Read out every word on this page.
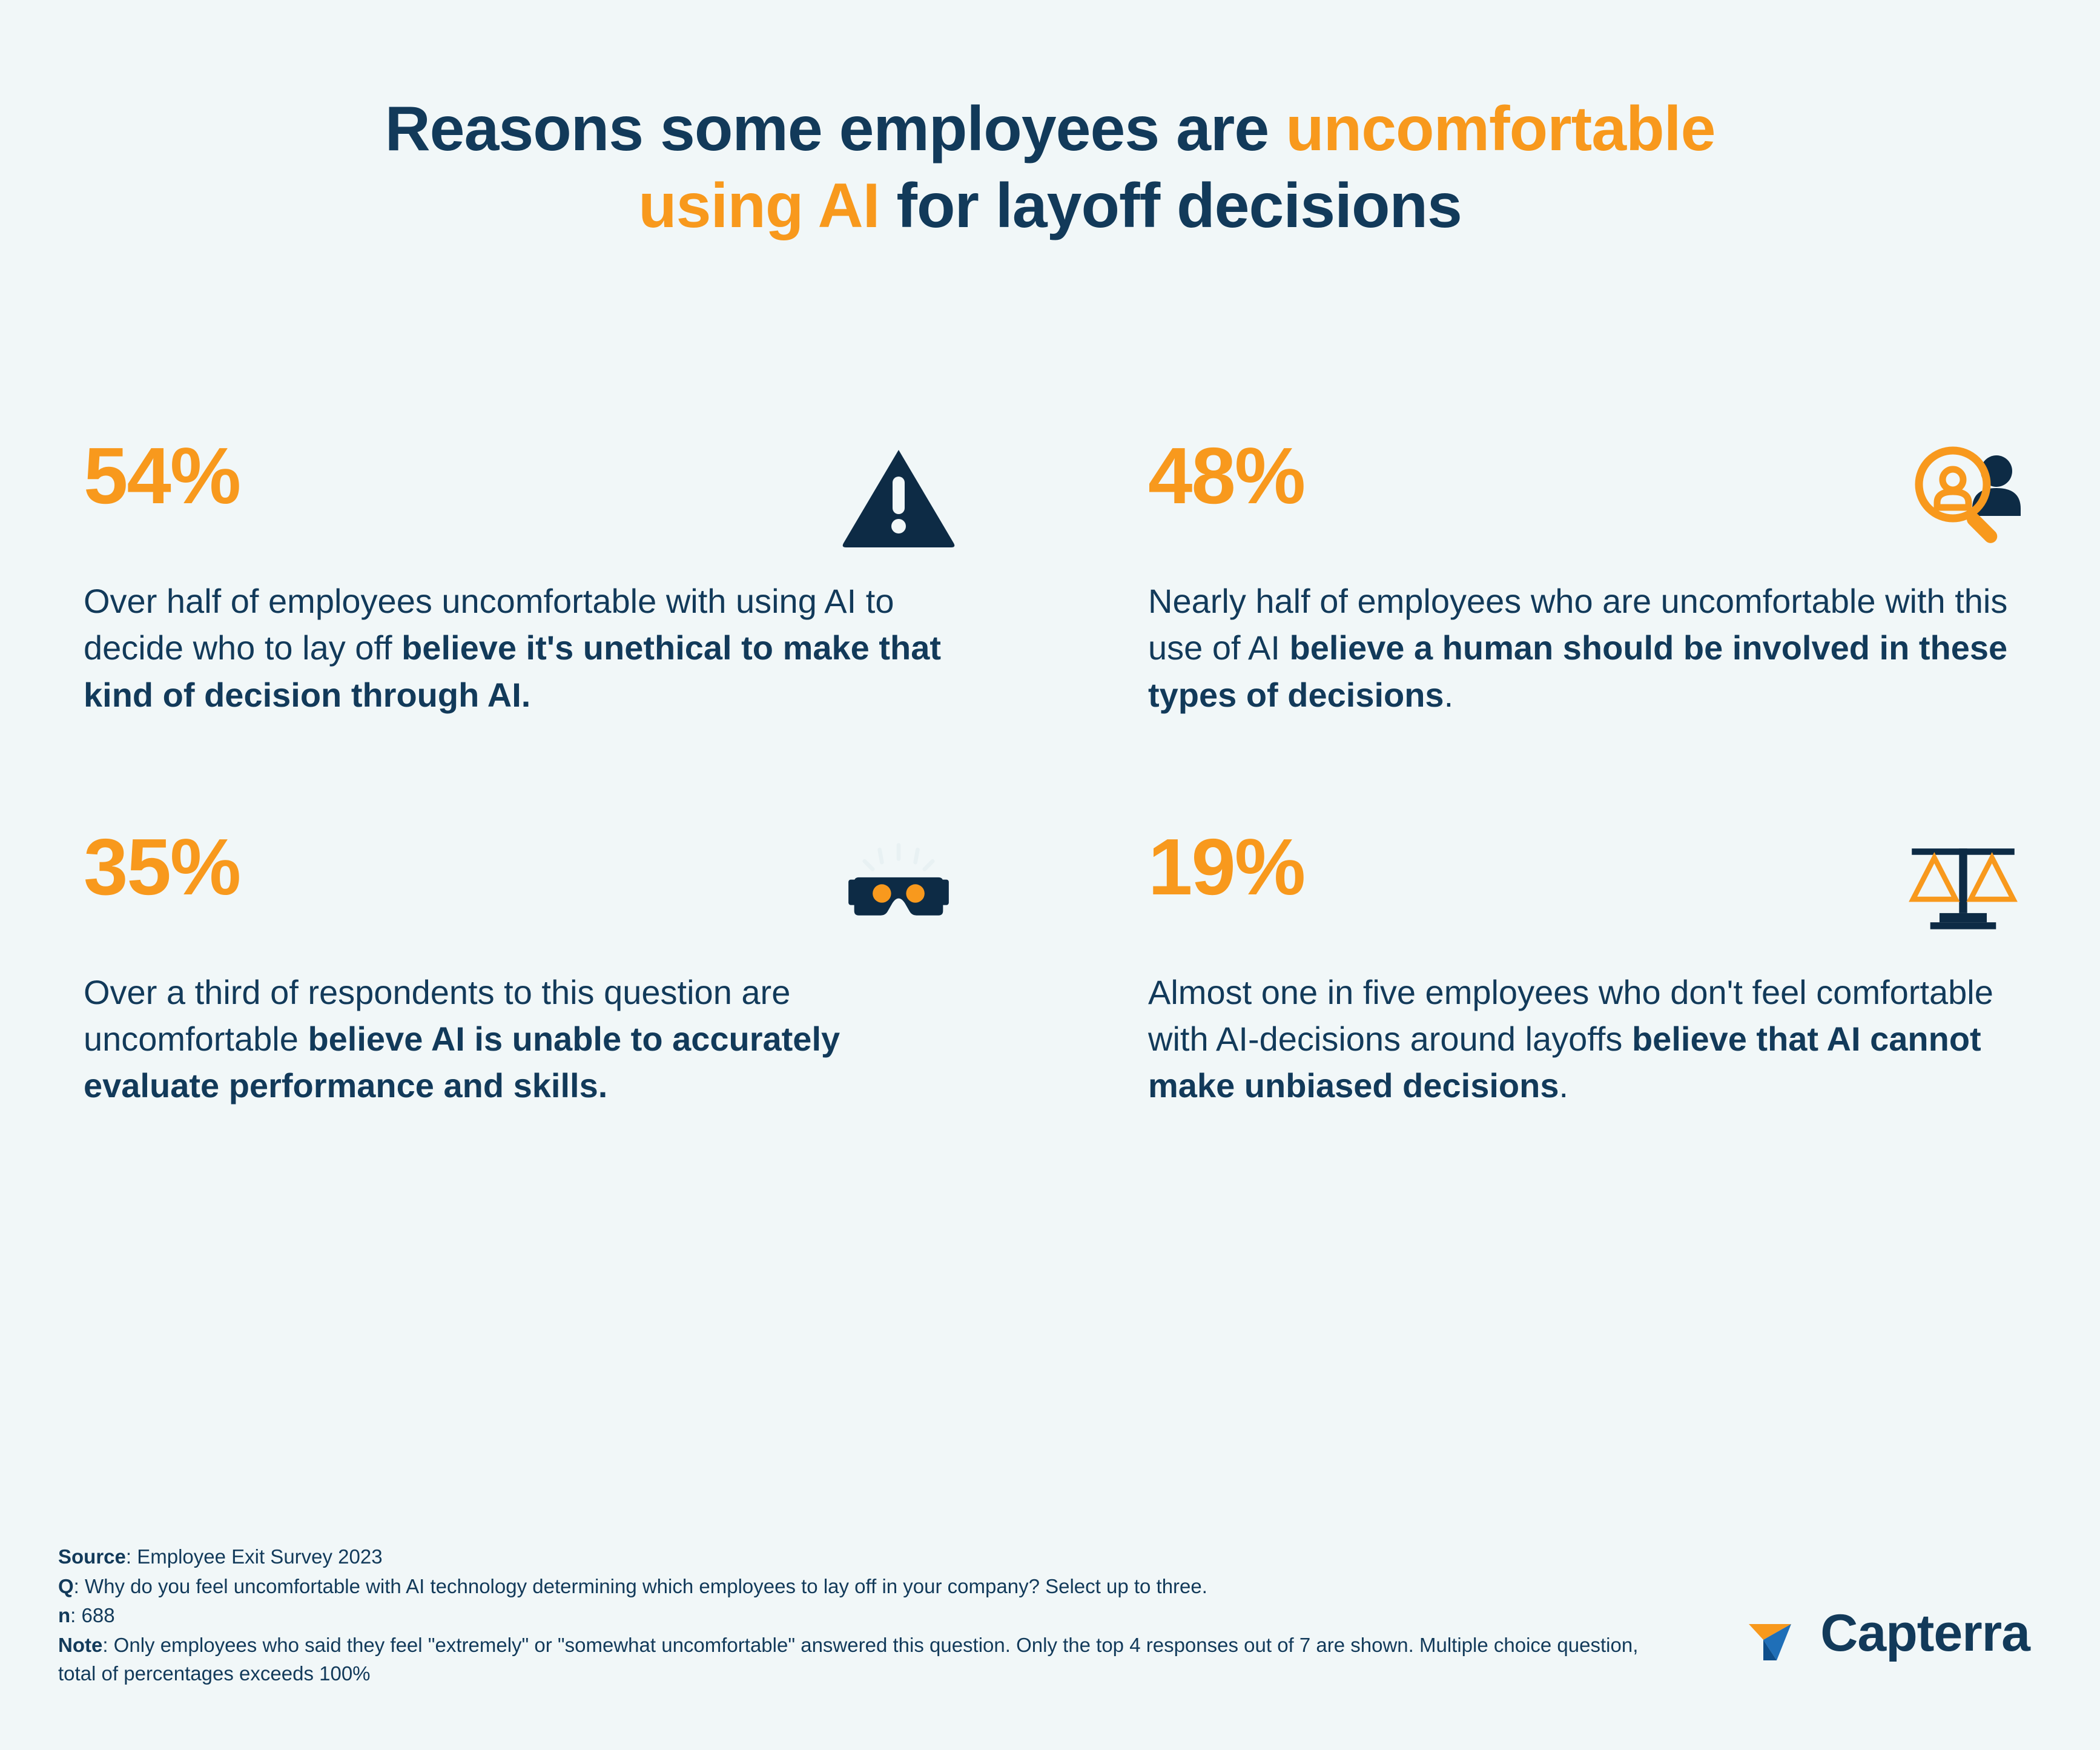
Reasons some employees are uncomfortable
using AI for layoff decisions
54%
Over half of employees uncomfortable with using AI to decide who to lay off believe it's unethical to make that kind of decision through AI.
48%
Nearly half of employees who are uncomfortable with this use of AI believe a human should be involved in these types of decisions.
35%
Over a third of respondents to this question are uncomfortable believe AI is unable to accurately evaluate performance and skills.
19%
Almost one in five employees who don't feel comfortable with AI-decisions around layoffs believe that AI cannot make unbiased decisions.

Source: Employee Exit Survey 2023

Q: Why do you feel uncomfortable with AI technology determining which employees to lay off in your company? Select up to three.

n: 688

Note: Only employees who said they feel "extremely" or "somewhat uncomfortable" answered this question. Only the top 4 responses out of 7 are shown. Multiple choice question, total of percentages exceeds 100%

Capterra
